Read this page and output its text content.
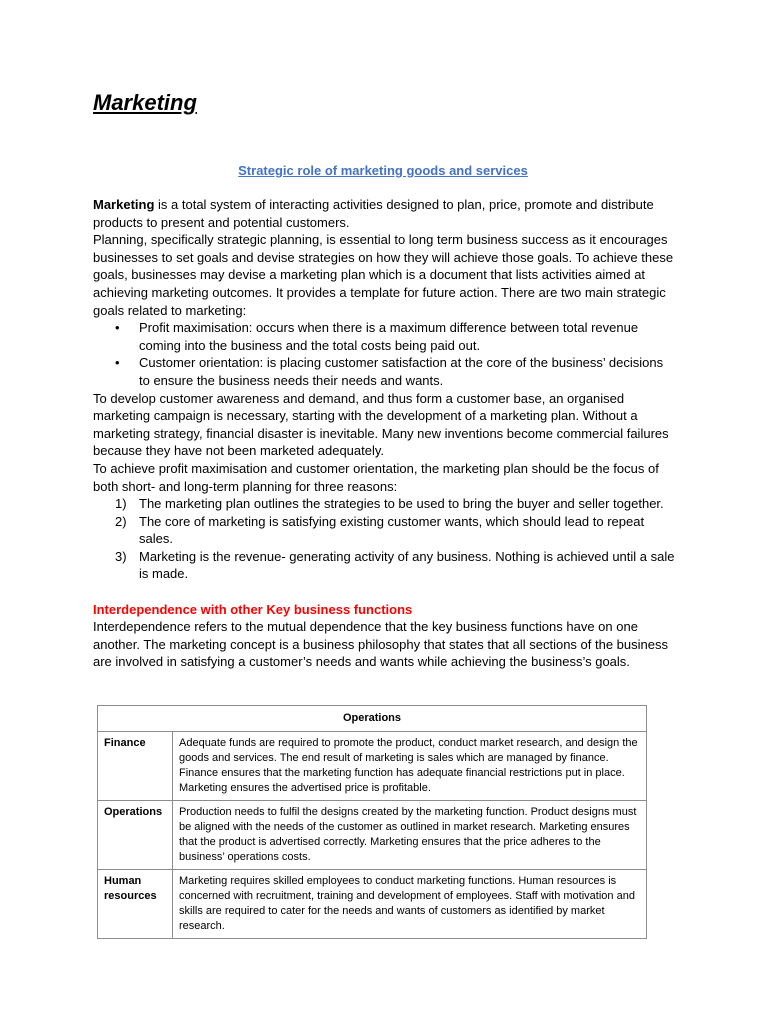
Marketing
Strategic role of marketing goods and services

Marketing is a total system of interacting activities designed to plan, price, promote and distribute products to present and potential customers.

Planning, specifically strategic planning, is essential to long term business success as it encourages businesses to set goals and devise strategies on how they will achieve those goals. To achieve these goals, businesses may devise a marketing plan which is a document that lists activities aimed at achieving marketing outcomes. It provides a template for future action. There are two main strategic goals related to marketing:

• Profit maximisation: occurs when there is a maximum difference between total revenue coming into the business and the total costs being paid out.
• Customer orientation: is placing customer satisfaction at the core of the business’ decisions to ensure the business needs their needs and wants.

To develop customer awareness and demand, and thus form a customer base, an organised marketing campaign is necessary, starting with the development of a marketing plan. Without a marketing strategy, financial disaster is inevitable. Many new inventions become commercial failures because they have not been marketed adequately.

To achieve profit maximisation and customer orientation, the marketing plan should be the focus of both short- and long-term planning for three reasons:

1) The marketing plan outlines the strategies to be used to bring the buyer and seller together.
2) The core of marketing is satisfying existing customer wants, which should lead to repeat sales.
3) Marketing is the revenue- generating activity of any business. Nothing is achieved until a sale is made.

Interdependence with other Key business functions

Interdependence refers to the mutual dependence that the key business functions have on one another. The marketing concept is a business philosophy that states that all sections of the business are involved in satisfying a customer’s needs and wants while achieving the business’s goals.

Operations	
Finance	Adequate funds are required to promote the product, conduct market research, and design the goods and services. The end result of marketing is sales which are managed by finance. Finance ensures that the marketing function has adequate financial restrictions put in place. Marketing ensures the advertised price is profitable.
Operations	Production needs to fulfil the designs created by the marketing function. Product designs must be aligned with the needs of the customer as outlined in market research. Marketing ensures that the product is advertised correctly. Marketing ensures that the price adheres to the business’ operations costs.
Human resources	Marketing requires skilled employees to conduct marketing functions. Human resources is concerned with recruitment, training and development of employees. Staff with motivation and skills are required to cater for the needs and wants of customers as identified by market research.
